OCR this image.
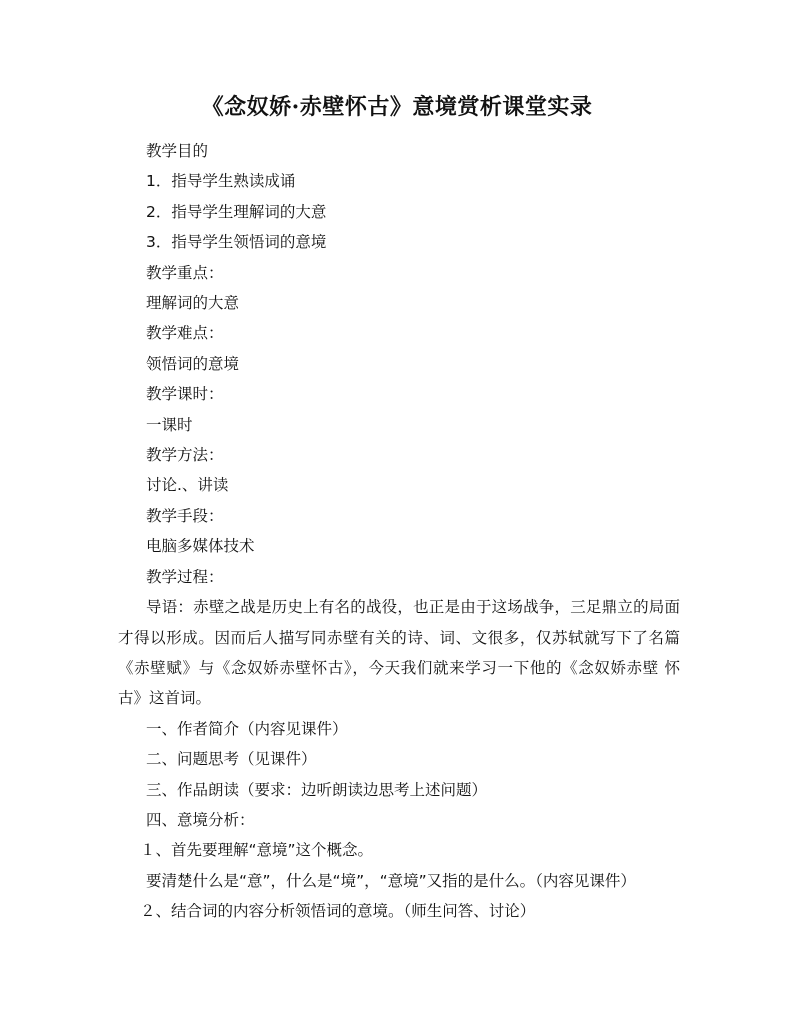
《念奴娇·赤壁怀古》意境赏析课堂实录

教学目的

1．指导学生熟读成诵

2．指导学生理解词的大意

3．指导学生领悟词的意境

教学重点：

理解词的大意

教学难点：

领悟词的意境

教学课时：

一课时

教学方法：

讨论.、讲读

教学手段：

电脑多媒体技术

教学过程：

导语：赤壁之战是历史上有名的战役，也正是由于这场战争，三足鼎立的局面才得以形成。因而后人描写同赤壁有关的诗、词、文很多，仅苏轼就写下了名篇《赤壁赋》与《念奴娇赤壁怀古》，今天我们就来学习一下他的《念奴娇赤壁 怀古》这首词。

一、作者简介（内容见课件）

二、问题思考（见课件）

三、作品朗读（要求：边听朗读边思考上述问题）

四、意境分析：

１、首先要理解“意境”这个概念。

要清楚什么是“意”，什么是“境”，“意境”又指的是什么。（内容见课件）

２、结合词的内容分析领悟词的意境。（师生问答、讨论）
